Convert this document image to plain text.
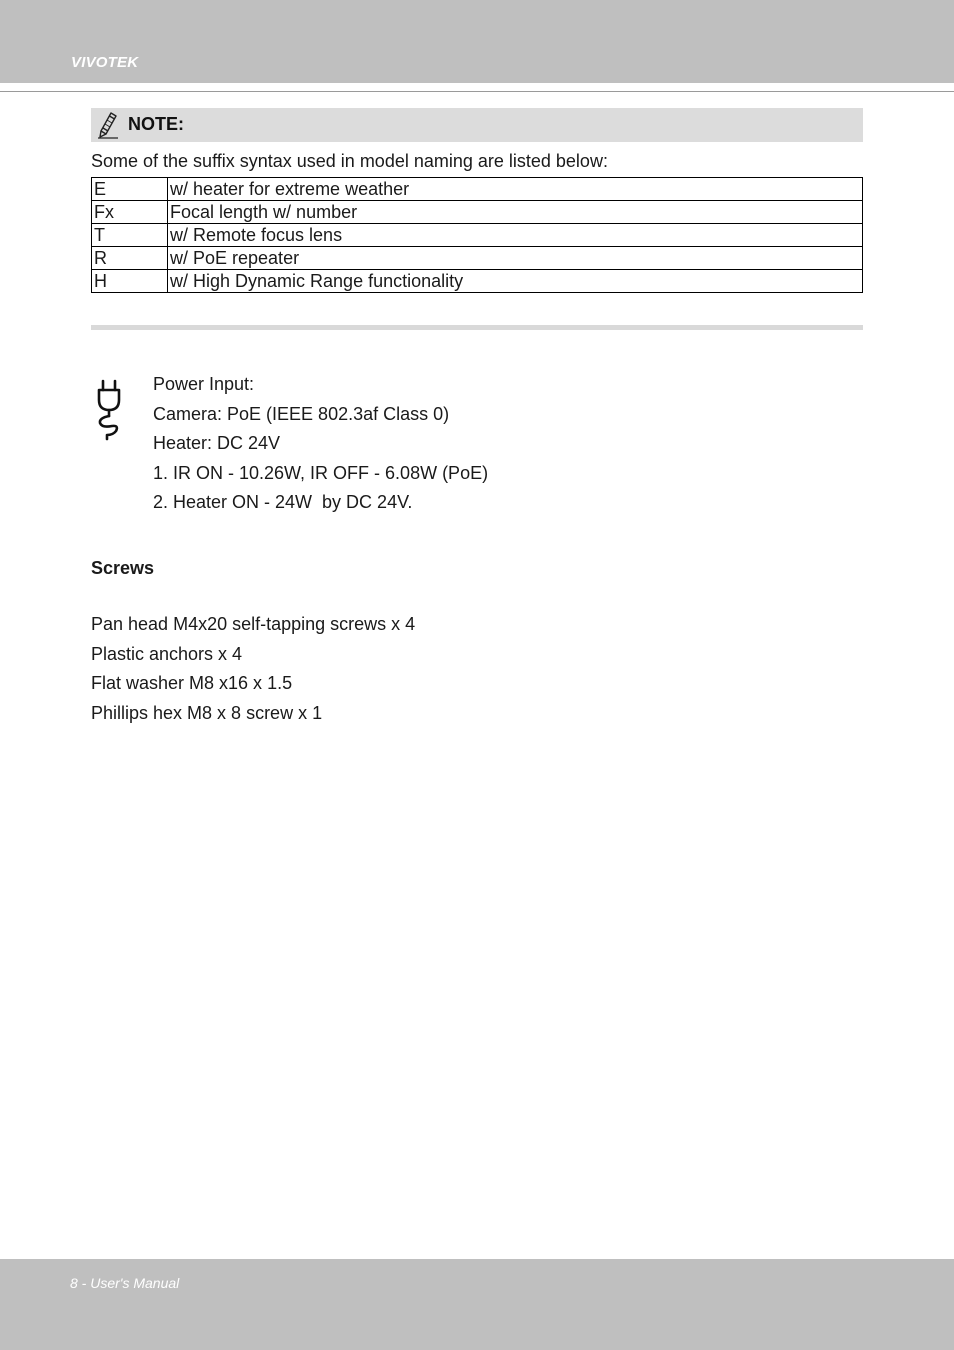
VIVOTEK
NOTE:
Some of the suffix syntax used in model naming are listed below:
E	w/ heater for extreme weather
Fx	Focal length w/ number
T	w/ Remote focus lens
R	w/ PoE repeater
H	w/ High Dynamic Range functionality
Power Input:
Camera: PoE (IEEE 802.3af Class 0)
Heater: DC 24V
1. IR ON - 10.26W, IR OFF - 6.08W (PoE)
2. Heater ON - 24W  by DC 24V.
Screws
Pan head M4x20 self-tapping screws x 4
Plastic anchors x 4
Flat washer M8 x16 x 1.5
Phillips hex M8 x 8 screw x 1
8 - User's Manual
